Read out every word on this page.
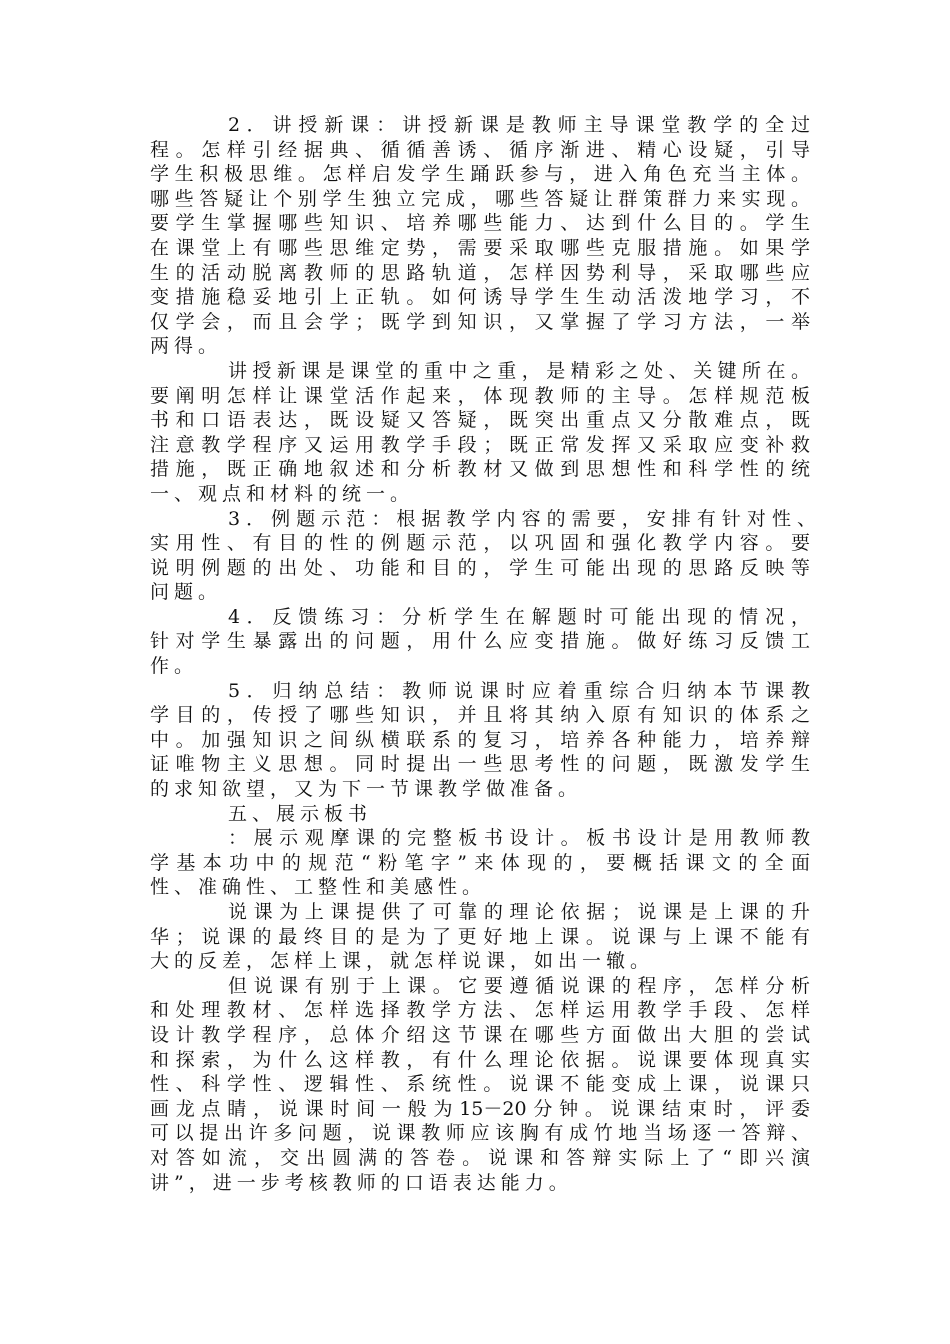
2 ． 讲 授 新 课 ： 讲 授 新 课 是 教 师 主 导 课 堂 教 学 的 全 过
程。怎样引经据典、循循善诱、循序渐进、精心设疑，引导
学生积极思维。怎样启发学生踊跃参与，进入角色充当主体。
哪些答疑让个别学生独立完成，哪些答疑让群策群力来实现。
要学生掌握哪些知识、培养哪些能力、达到什么目的。学生
在课堂上有哪些思维定势，需要采取哪些克服措施。如果学
生的活动脱离教师的思路轨道，怎样因势利导，采取哪些应
变措施稳妥地引上正轨。如何诱导学生生动活泼地学习，不
仅学会，而且会学；既学到知识，又掌握了学习方法，一举
两得。
讲授新课是课堂的重中之重，是精彩之处、关键所在。
要阐明怎样让课堂活作起来，体现教师的主导。怎样规范板
书和口语表达，既设疑又答疑，既突出重点又分散难点，既
注意教学程序又运用教学手段；既正常发挥又采取应变补救
措施，既正确地叙述和分析教材又做到思想性和科学性的统
一、观点和材料的统一。
3 ． 例 题 示 范 ： 根 据 教 学 内 容 的 需 要 ， 安 排 有 针 对 性 、
实用性、有目的性的例题示范，以巩固和强化教学内容。要
说明例题的出处、功能和目的，学生可能出现的思路反映等
问题。
4 ． 反 馈 练 习 ： 分 析 学 生 在 解 题 时 可 能 出 现 的 情 况 ，
针对学生暴露出的问题，用什么应变措施。做好练习反馈工
作。
5 ． 归 纳 总 结 ： 教 师 说 课 时 应 着 重 综 合 归 纳 本 节 课 教
学目的，传授了哪些知识，并且将其纳入原有知识的体系之
中。加强知识之间纵横联系的复习，培养各种能力，培养辩
证唯物主义思想。同时提出一些思考性的问题，既激发学生
的求知欲望，又为下一节课教学做准备。
五、展示板书
：展示观摩课的完整板书设计。板书设计是用教师教
学基本功中的规范“粉笔字”来体现的，要概括课文的全面
性、准确性、工整性和美感性。
说课为上课提供了可靠的理论依据；说课是上课的升
华；说课的最终目的是为了更好地上课。说课与上课不能有
大的反差，怎样上课，就怎样说课，如出一辙。
但说课有别于上课。它要遵循说课的程序，怎样分析
和处理教材、怎样选择教学方法、怎样运用教学手段、怎样
设计教学程序，总体介绍这节课在哪些方面做出大胆的尝试
和探索，为什么这样教，有什么理论依据。说课要体现真实
性、科学性、逻辑性、系统性。说课不能变成上课，说课只
画龙点睛，说课时间一般为15－20分钟。说课结束时，评委
可以提出许多问题，说课教师应该胸有成竹地当场逐一答辩、
对答如流，交出圆满的答卷。说课和答辩实际上了“即兴演
讲”，进一步考核教师的口语表达能力。
